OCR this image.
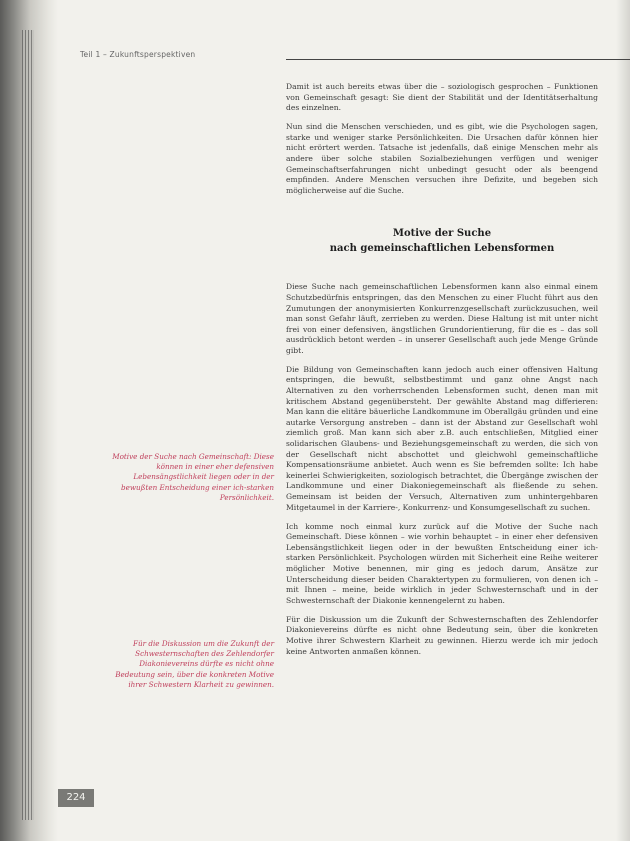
Teil 1 – Zukunftsperspektiven

Damit ist auch bereits etwas über die – soziologisch gesprochen – Funktionen von Gemeinschaft gesagt: Sie dient der Stabilität und der Identitätserhaltung des einzelnen.

Nun sind die Menschen verschieden, und es gibt, wie die Psychologen sagen, starke und weniger starke Persönlichkeiten. Die Ursachen dafür können hier nicht erörtert werden. Tatsache ist jedenfalls, daß einige Menschen mehr als andere über solche stabilen Sozialbeziehungen verfügen und weniger Gemeinschaftserfahrungen nicht unbedingt gesucht oder als beengend empfinden. Andere Menschen versuchen ihre Defizite, und begeben sich möglicherweise auf die Suche.

Motive der Suche
nach gemeinschaftlichen Lebensformen

Diese Suche nach gemeinschaftlichen Lebensformen kann also einmal einem Schutzbedürfnis entspringen, das den Menschen zu einer Flucht führt aus den Zumutungen der anonymisierten Konkurrenzgesellschaft zurückzusuchen, weil man sonst Gefahr läuft, zerrieben zu werden. Diese Haltung ist mit unter nicht frei von einer defensiven, ängstlichen Grundorientierung, für die es – das soll ausdrücklich betont werden – in unserer Gesellschaft auch jede Menge Gründe gibt.

Die Bildung von Gemeinschaften kann jedoch auch einer offensiven Haltung entspringen, die bewußt, selbstbestimmt und ganz ohne Angst nach Alternativen zu den vorherrschenden Lebensformen sucht, denen man mit kritischem Abstand gegenübersteht. Der gewählte Abstand mag differieren: Man kann die elitäre bäuerliche Landkommune im Oberallgäu gründen und eine autarke Versorgung anstreben – dann ist der Abstand zur Gesellschaft wohl ziemlich groß. Man kann sich aber z.B. auch entschließen, Mitglied einer solidarischen Glaubens- und Beziehungsgemeinschaft zu werden, die sich von der Gesellschaft nicht abschottet und gleichwohl gemeinschaftliche Kompensationsräume anbietet. Auch wenn es Sie befremden sollte: Ich habe keinerlei Schwierigkeiten, soziologisch betrachtet, die Übergänge zwischen der Landkommune und einer Diakoniegemeinschaft als fließende zu sehen. Gemeinsam ist beiden der Versuch, Alternativen zum unhintergehbaren Mitgetaumel in der Karriere-, Konkurrenz- und Konsumgesellschaft zu suchen.

Ich komme noch einmal kurz zurück auf die Motive der Suche nach Gemeinschaft. Diese können – wie vorhin behauptet – in einer eher defensiven Lebensängstlichkeit liegen oder in der bewußten Entscheidung einer ich-starken Persönlichkeit. Psychologen würden mit Sicherheit eine Reihe weiterer möglicher Motive benennen, mir ging es jedoch darum, Ansätze zur Unterscheidung dieser beiden Charaktertypen zu formulieren, von denen ich – mit Ihnen – meine, beide wirklich in jeder Schwesternschaft und in der Schwesternschaft der Diakonie kennengelernt zu haben.

Für die Diskussion um die Zukunft der Schwesternschaften des Zehlendorfer Diakonievereins dürfte es nicht ohne Bedeutung sein, über die konkreten Motive ihrer Schwestern Klarheit zu gewinnen. Hierzu werde ich mir jedoch keine Antworten anmaßen können.

Motive der Suche nach Gemeinschaft: Diese können in einer eher defensiven Lebensängstlichkeit liegen oder in der bewußten Entscheidung einer ich-starken Persönlichkeit.
Für die Diskussion um die Zukunft der Schwesternschaften des Zehlendorfer Diakonievereins dürfte es nicht ohne Bedeutung sein, über die konkreten Motive ihrer Schwestern Klarheit zu gewinnen.
224
